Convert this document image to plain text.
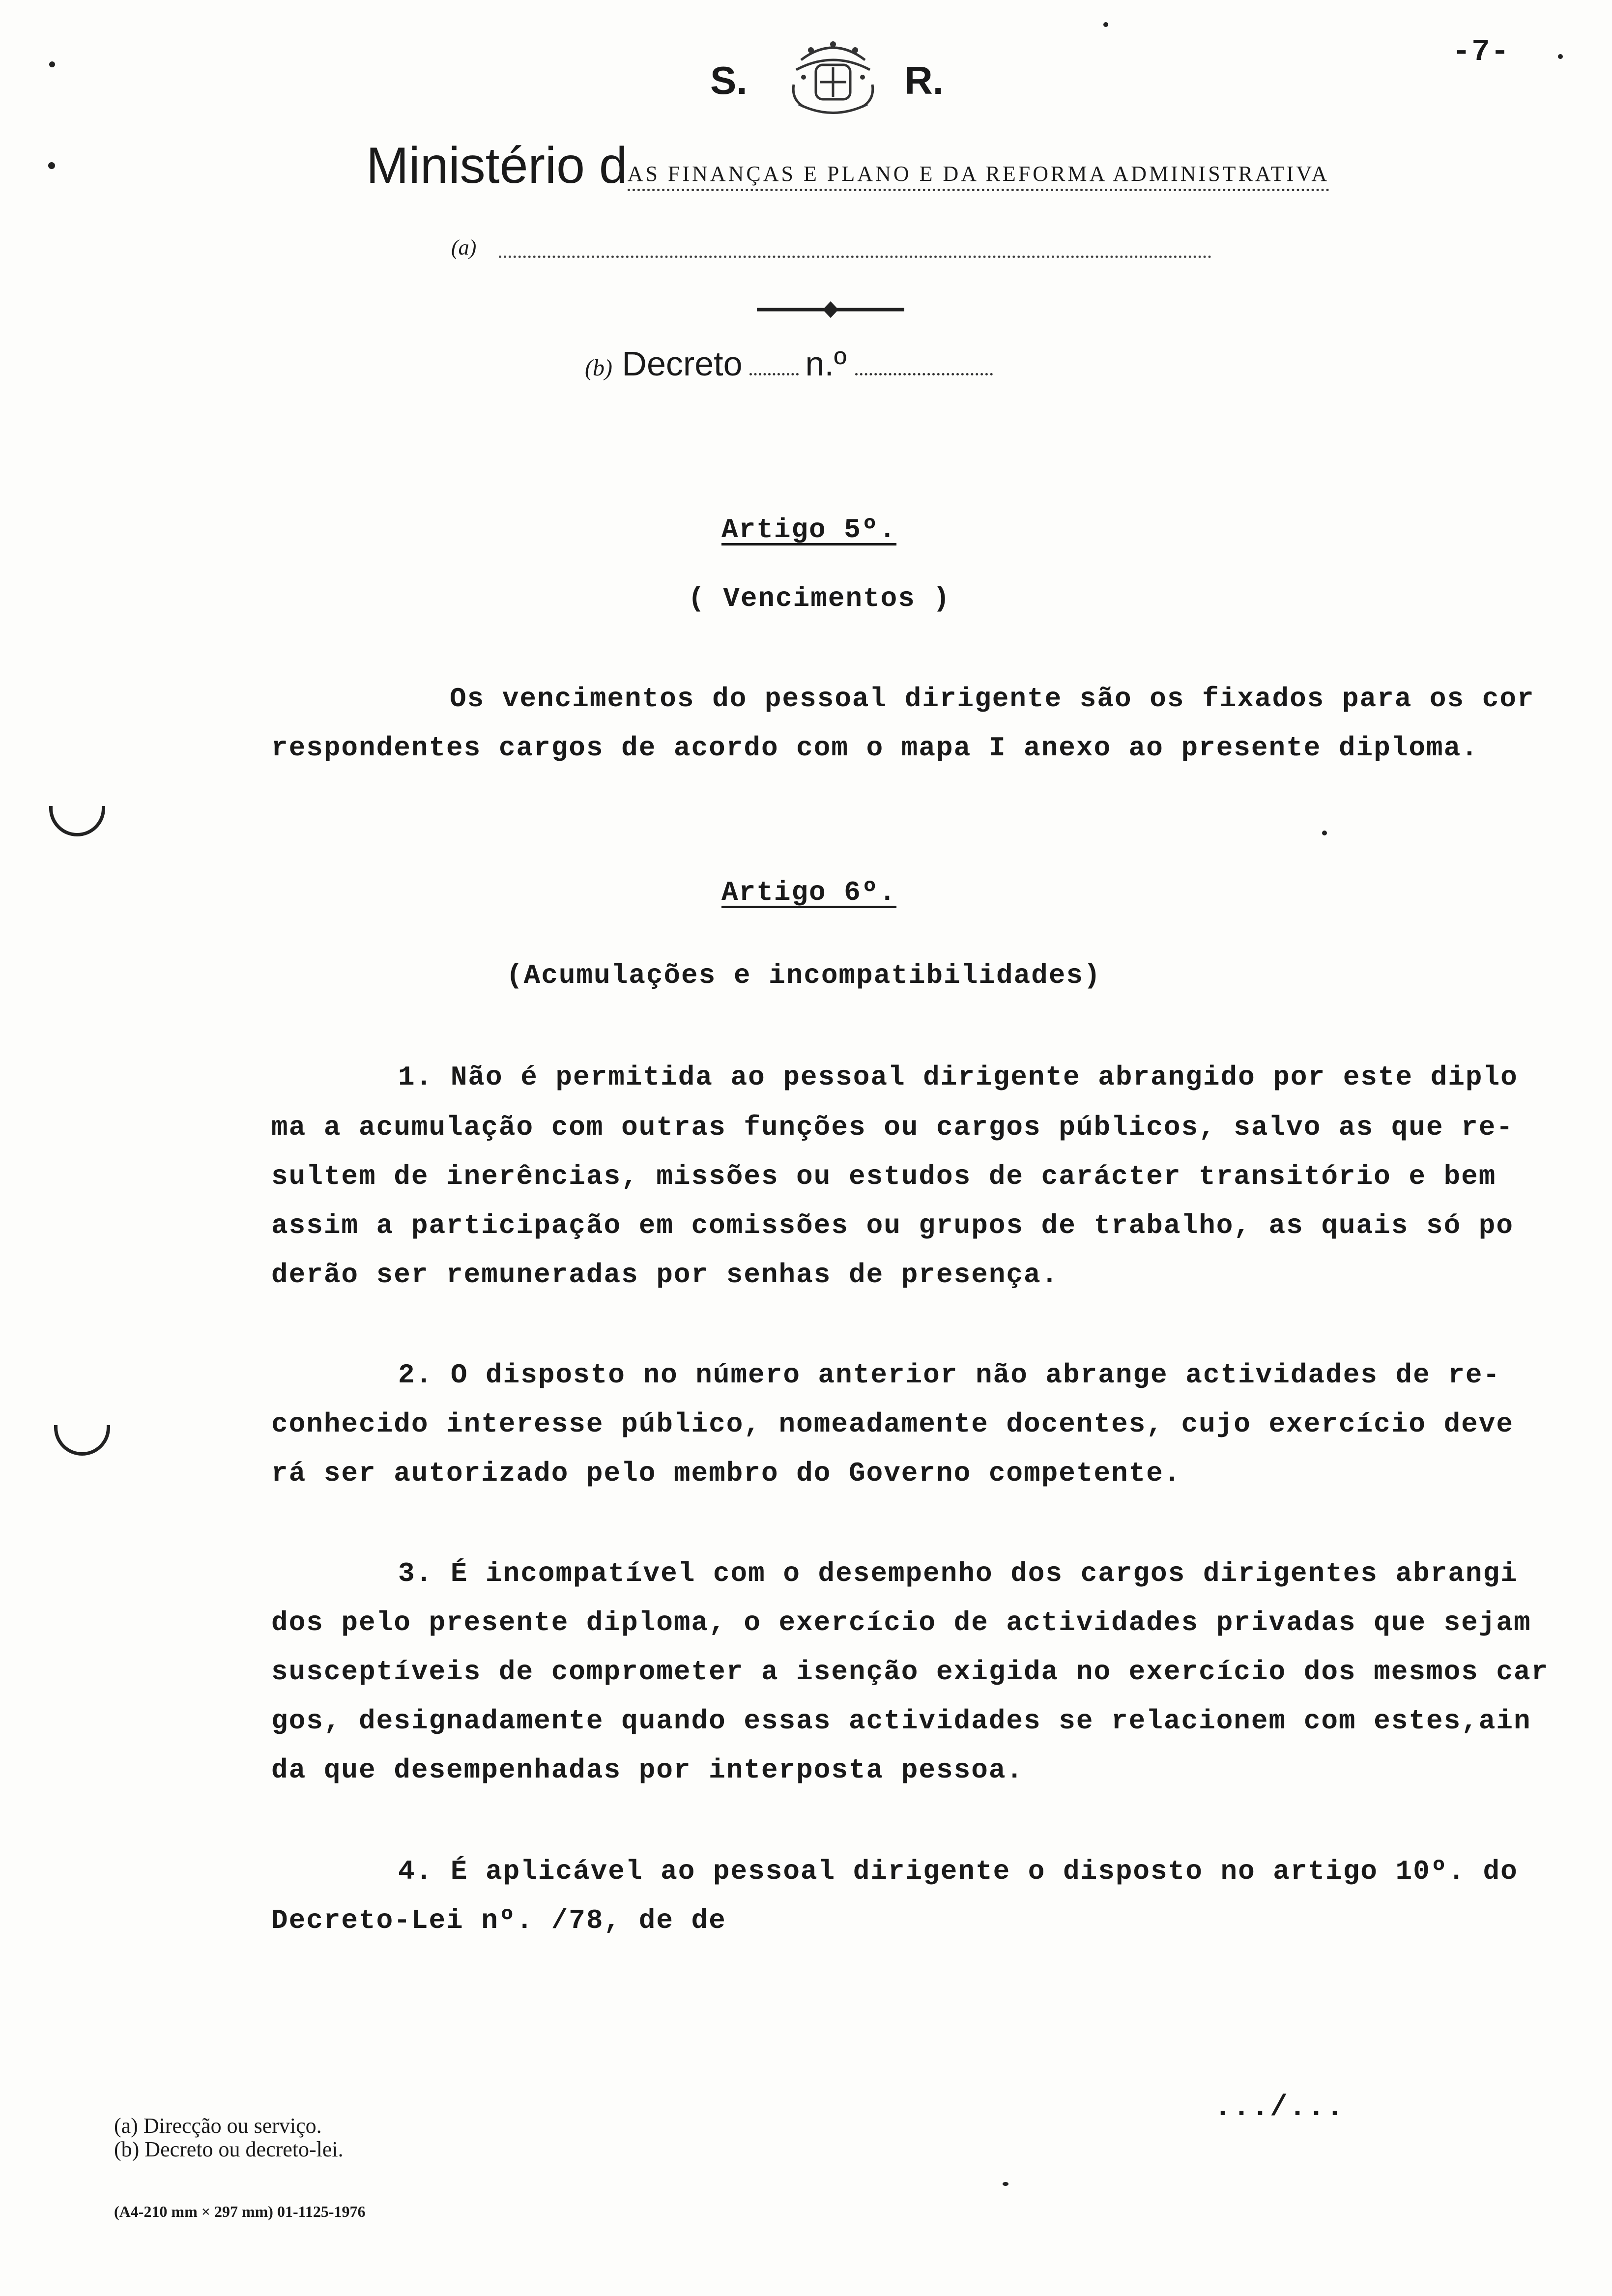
-7-
S.	R.
Ministério dAS FINANÇAS E PLANO E DA REFORMA ADMINISTRATIVA
(a)
(b) Decreto n.º
Artigo 5º.
( Vencimentos )
Os vencimentos do pessoal dirigente são os fixados para os cor
respondentes cargos de acordo com o mapa I anexo ao presente diploma.
Artigo 6º.
(Acumulações e incompatibilidades)
1. Não é permitida ao pessoal dirigente abrangido por este diplo
ma a acumulação com outras funções ou cargos públicos, salvo as que re-
sultem de inerências, missões ou estudos de carácter transitório e bem
assim a participação em comissões ou grupos de trabalho, as quais só po
derão ser remuneradas por senhas de presença.
2. O disposto no número anterior não abrange actividades de re-
conhecido interesse público, nomeadamente docentes, cujo exercício deve
rá ser autorizado pelo membro do Governo competente.
3. É incompatível com o desempenho dos cargos dirigentes abrangi
dos pelo presente diploma, o exercício de actividades privadas que sejam
susceptíveis de comprometer a isenção exigida no exercício dos mesmos car
gos, designadamente quando essas actividades se relacionem com estes,ain
da que desempenhadas por interposta pessoa.
4. É aplicável ao pessoal dirigente o disposto no artigo 10º. do
Decreto-Lei nº. /78, de de
.../...
(a) Direcção ou serviço.
(b) Decreto ou decreto-lei.
(A4-210 mm × 297 mm) 01-1125-1976
